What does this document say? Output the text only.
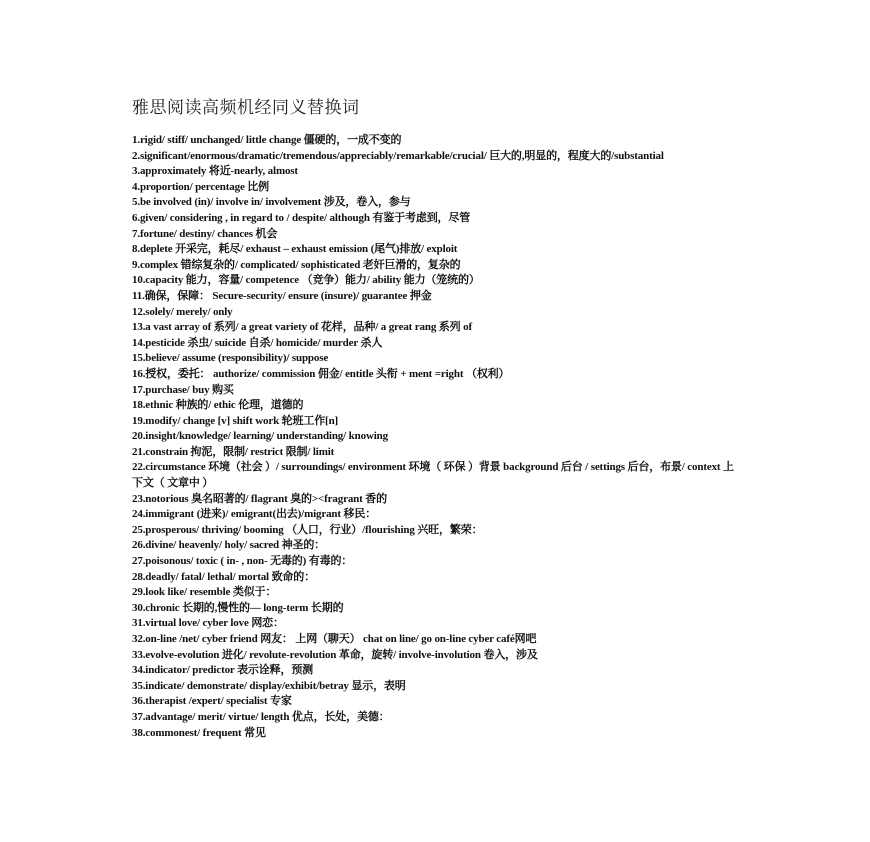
雅思阅读高频机经同义替换词
1.rigid/ stiff/ unchanged/ little change 僵硬的，一成不变的
2.significant/enormous/dramatic/tremendous/appreciably/remarkable/crucial/ 巨大的,明显的，程度大的/substantial
3.approximately 将近-nearly, almost
4.proportion/ percentage 比例
5.be involved (in)/ involve in/ involvement 涉及，卷入，参与
6.given/ considering , in regard to / despite/ although 有鉴于考虑到，尽管
7.fortune/ destiny/ chances 机会
8.deplete 开采完，耗尽/ exhaust – exhaust emission (尾气)排放/ exploit
9.complex 错综复杂的/ complicated/ sophisticated 老奸巨滑的，复杂的
10.capacity 能力，容量/ competence （竞争）能力/ ability 能力（笼统的）
11.确保，保障： Secure-security/ ensure (insure)/ guarantee 押金
12.solely/ merely/ only
13.a vast array of 系列/ a great variety of 花样，品种/ a great rang 系列 of
14.pesticide 杀虫/ suicide 自杀/ homicide/ murder 杀人
15.believe/ assume (responsibility)/ suppose
16.授权，委托： authorize/ commission 佣金/ entitle 头衔 + ment =right （权利）
17.purchase/ buy 购买
18.ethnic 种族的/ ethic 伦理，道德的
19.modify/ change [v] shift work 轮班工作[n]
20.insight/knowledge/ learning/ understanding/ knowing
21.constrain 拘泥，限制/ restrict 限制/ limit
22.circumstance 环境（社会 ）/ surroundings/ environment 环境（ 环保 ）背景 background 后台 / settings 后台，布景/ context 上下文（ 文章中 ）
23.notorious 臭名昭著的/ flagrant 臭的><fragrant 香的
24.immigrant (进来)/ emigrant(出去)/migrant 移民：
25.prosperous/ thriving/ booming （人口，行业）/flourishing 兴旺，繁荣：
26.divine/ heavenly/ holy/ sacred 神圣的：
27.poisonous/ toxic ( in- , non- 无毒的) 有毒的：
28.deadly/ fatal/ lethal/ mortal 致命的：
29.look like/ resemble 类似于：
30.chronic 长期的,慢性的— long-term 长期的
31.virtual love/ cyber love 网恋：
32.on-line /net/ cyber friend 网友： 上网（聊天） chat on line/ go on-line cyber café网吧
33.evolve-evolution 进化/ revolute-revolution 革命，旋转/ involve-involution 卷入，涉及
34.indicator/ predictor 表示诠释，预测
35.indicate/ demonstrate/ display/exhibit/betray 显示，表明
36.therapist /expert/ specialist 专家
37.advantage/ merit/ virtue/ length 优点，长处，美德：
38.commonest/ frequent 常见
